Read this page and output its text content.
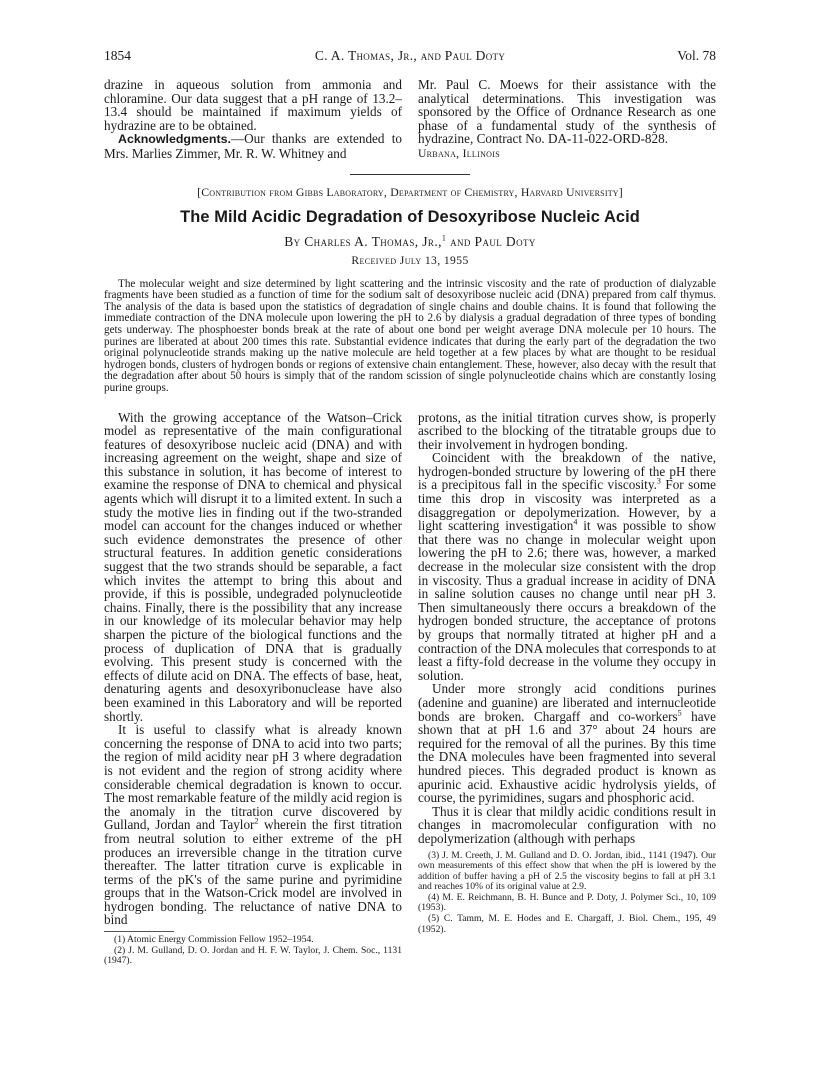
1854	C. A. Thomas, Jr., and Paul Doty	Vol. 78

drazine in aqueous solution from ammonia and chloramine. Our data suggest that a pH range of 13.2–13.4 should be maintained if maximum yields of hydrazine are to be obtained.

Acknowledgments.—Our thanks are extended to Mrs. Marlies Zimmer, Mr. R. W. Whitney and

Mr. Paul C. Moews for their assistance with the analytical determinations. This investigation was sponsored by the Office of Ordnance Research as one phase of a fundamental study of the synthesis of hydrazine, Contract No. DA-11-022-ORD-828.

Urbana, Illinois
[Contribution from Gibbs Laboratory, Department of Chemistry, Harvard University]
The Mild Acidic Degradation of Desoxyribose Nucleic Acid
By Charles A. Thomas, Jr.,$^1$ and Paul Doty
Received July 13, 1955

The molecular weight and size determined by light scattering and the intrinsic viscosity and the rate of production of dialyzable fragments have been studied as a function of time for the sodium salt of desoxyribose nucleic acid (DNA) prepared from calf thymus. The analysis of the data is based upon the statistics of degradation of single chains and double chains. It is found that following the immediate contraction of the DNA molecule upon lowering the pH to 2.6 by dialysis a gradual degradation of three types of bonding gets underway. The phosphoester bonds break at the rate of about one bond per weight average DNA molecule per 10 hours. The purines are liberated at about 200 times this rate. Substantial evidence indicates that during the early part of the degradation the two original polynucleotide strands making up the native molecule are held together at a few places by what are thought to be residual hydrogen bonds, clusters of hydrogen bonds or regions of extensive chain entanglement. These, however, also decay with the result that the degradation after about 50 hours is simply that of the random scission of single polynucleotide chains which are constantly losing purine groups.

With the growing acceptance of the Watson–Crick model as representative of the main configurational features of desoxyribose nucleic acid (DNA) and with increasing agreement on the weight, shape and size of this substance in solution, it has become of interest to examine the response of DNA to chemical and physical agents which will disrupt it to a limited extent. In such a study the motive lies in finding out if the two-stranded model can account for the changes induced or whether such evidence demonstrates the presence of other structural features. In addition genetic considerations suggest that the two strands should be separable, a fact which invites the attempt to bring this about and provide, if this is possible, undegraded polynucleotide chains. Finally, there is the possibility that any increase in our knowledge of its molecular behavior may help sharpen the picture of the biological functions and the process of duplication of DNA that is gradually evolving. This present study is concerned with the effects of dilute acid on DNA. The effects of base, heat, denaturing agents and desoxyribonuclease have also been examined in this Laboratory and will be reported shortly.

It is useful to classify what is already known concerning the response of DNA to acid into two parts; the region of mild acidity near pH 3 where degradation is not evident and the region of strong acidity where considerable chemical degradation is known to occur. The most remarkable feature of the mildly acid region is the anomaly in the titration curve discovered by Gulland, Jordan and Taylor$^2$ wherein the first titration from neutral solution to either extreme of the pH produces an irreversible change in the titration curve thereafter. The latter titration curve is explicable in terms of the pK's of the same purine and pyrimidine groups that in the Watson-Crick model are involved in hydrogen bonding. The reluctance of native DNA to bind

(1) Atomic Energy Commission Fellow 1952–1954.

(2) J. M. Gulland, D. O. Jordan and H. F. W. Taylor, J. Chem. Soc., 1131 (1947).

protons, as the initial titration curves show, is properly ascribed to the blocking of the titratable groups due to their involvement in hydrogen bonding.

Coincident with the breakdown of the native, hydrogen-bonded structure by lowering of the pH there is a precipitous fall in the specific viscosity.$^3$ For some time this drop in viscosity was interpreted as a disaggregation or depolymerization. However, by a light scattering investigation$^4$ it was possible to show that there was no change in molecular weight upon lowering the pH to 2.6; there was, however, a marked decrease in the molecular size consistent with the drop in viscosity. Thus a gradual increase in acidity of DNA in saline solution causes no change until near pH 3. Then simultaneously there occurs a breakdown of the hydrogen bonded structure, the acceptance of protons by groups that normally titrated at higher pH and a contraction of the DNA molecules that corresponds to at least a fifty-fold decrease in the volume they occupy in solution.

Under more strongly acid conditions purines (adenine and guanine) are liberated and internucleotide bonds are broken. Chargaff and co-workers$^5$ have shown that at pH 1.6 and 37° about 24 hours are required for the removal of all the purines. By this time the DNA molecules have been fragmented into several hundred pieces. This degraded product is known as apurinic acid. Exhaustive acidic hydrolysis yields, of course, the pyrimidines, sugars and phosphoric acid.

Thus it is clear that mildly acidic conditions result in changes in macromolecular configuration with no depolymerization (although with perhaps

(3) J. M. Creeth, J. M. Gulland and D. O. Jordan, ibid., 1141 (1947). Our own measurements of this effect show that when the pH is lowered by the addition of buffer having a pH of 2.5 the viscosity begins to fall at pH 3.1 and reaches 10% of its original value at 2.9.

(4) M. E. Reichmann, B. H. Bunce and P. Doty, J. Polymer Sci., 10, 109 (1953).

(5) C. Tamm, M. E. Hodes and E. Chargaff, J. Biol. Chem., 195, 49 (1952).
